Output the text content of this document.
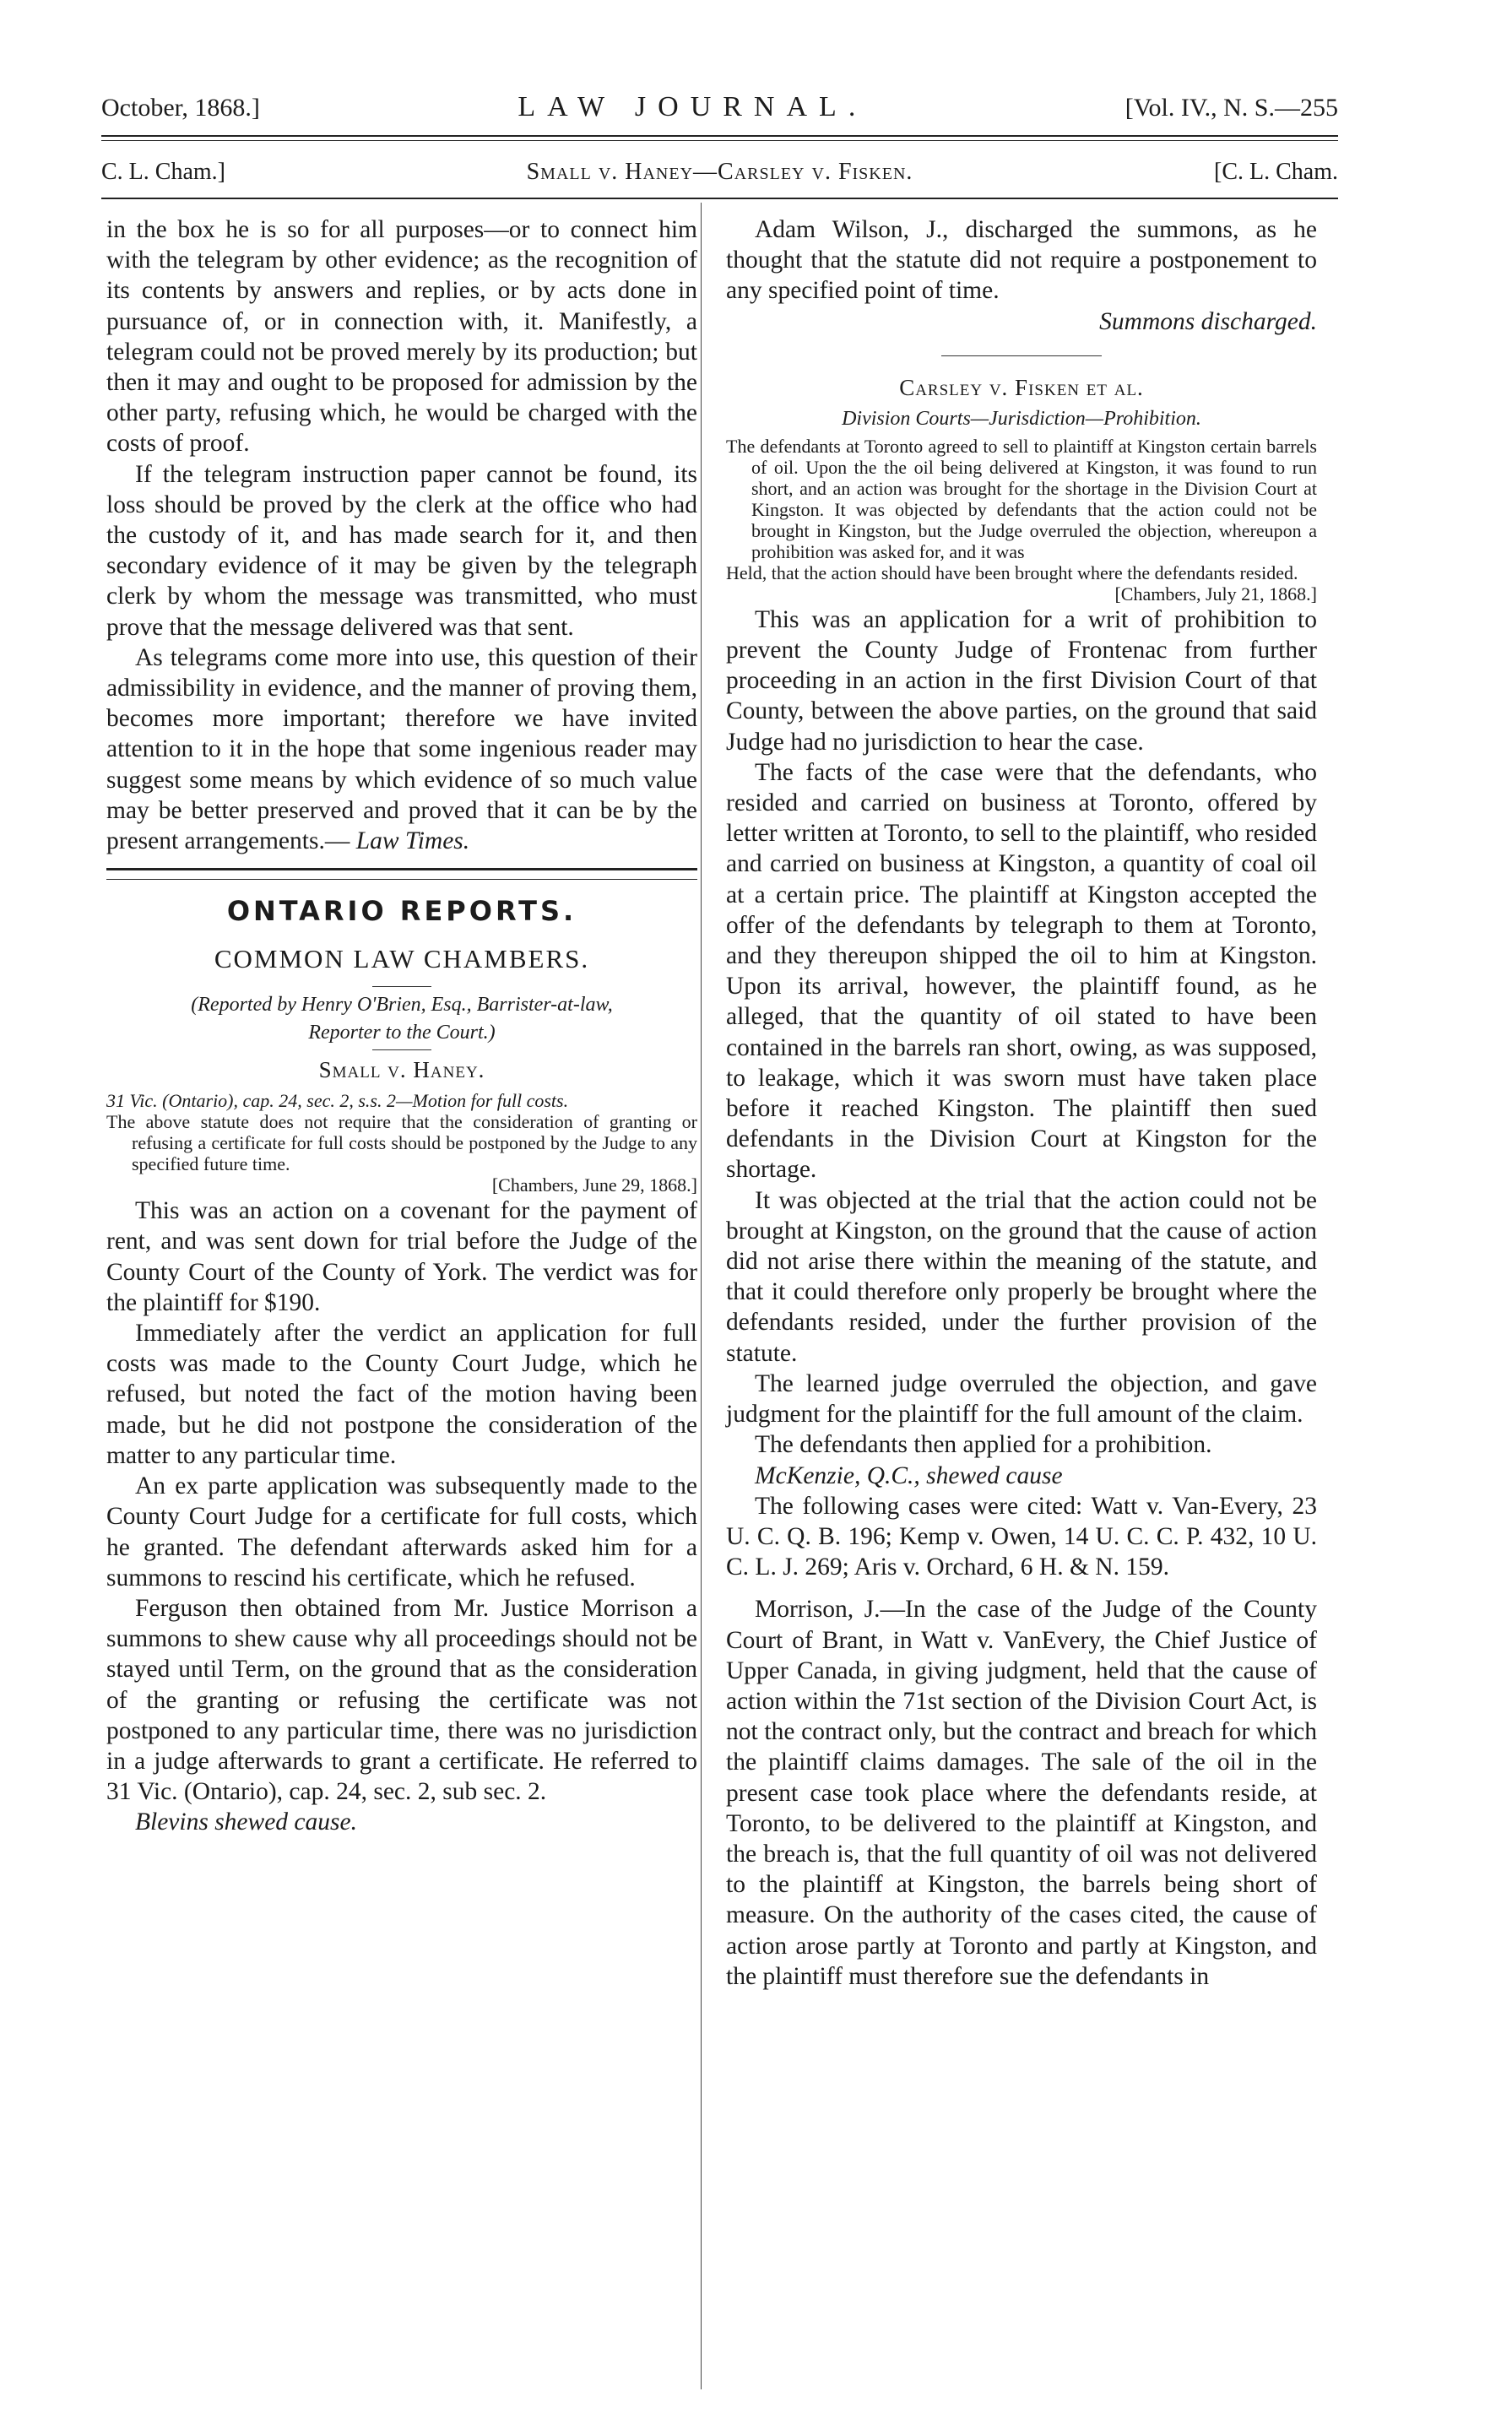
October, 1868.]	LAW JOURNAL.	[Vol. IV., N. S.—255
C. L. Cham.]	Small v. Haney—Carsley v. Fisken.	[C. L. Cham.

in the box he is so for all purposes—or to connect him with the telegram by other evidence; as the recognition of its contents by answers and replies, or by acts done in pursuance of, or in connection with, it. Manifestly, a telegram could not be proved merely by its production; but then it may and ought to be proposed for admission by the other party, refusing which, he would be charged with the costs of proof.

If the telegram instruction paper cannot be found, its loss should be proved by the clerk at the office who had the custody of it, and has made search for it, and then secondary evidence of it may be given by the telegraph clerk by whom the message was transmitted, who must prove that the message delivered was that sent.

As telegrams come more into use, this question of their admissibility in evidence, and the manner of proving them, becomes more important; therefore we have invited attention to it in the hope that some ingenious reader may suggest some means by which evidence of so much value may be better preserved and proved that it can be by the present arrangements.— Law Times.

ONTARIO REPORTS.
COMMON LAW CHAMBERS.
(Reported by Henry O'Brien, Esq., Barrister-at-law,
Reporter to the Court.)
Small v. Haney.

31 Vic. (Ontario), cap. 24, sec. 2, s.s. 2—Motion for full costs.

The above statute does not require that the consideration of granting or refusing a certificate for full costs should be postponed by the Judge to any specified future time.

[Chambers, June 29, 1868.]

This was an action on a covenant for the payment of rent, and was sent down for trial before the Judge of the County Court of the County of York. The verdict was for the plaintiff for $190.

Immediately after the verdict an application for full costs was made to the County Court Judge, which he refused, but noted the fact of the motion having been made, but he did not postpone the consideration of the matter to any particular time.

An ex parte application was subsequently made to the County Court Judge for a certificate for full costs, which he granted. The defendant afterwards asked him for a summons to rescind his certificate, which he refused.

Ferguson then obtained from Mr. Justice Morrison a summons to shew cause why all proceedings should not be stayed until Term, on the ground that as the consideration of the granting or refusing the certificate was not postponed to any particular time, there was no jurisdiction in a judge afterwards to grant a certificate. He referred to 31 Vic. (Ontario), cap. 24, sec. 2, sub sec. 2.

Blevins shewed cause.

Adam Wilson, J., discharged the summons, as he thought that the statute did not require a postponement to any specified point of time.

Summons discharged.

Carsley v. Fisken et al.
Division Courts—Jurisdiction—Prohibition.

The defendants at Toronto agreed to sell to plaintiff at Kingston certain barrels of oil. Upon the the oil being delivered at Kingston, it was found to run short, and an action was brought for the shortage in the Division Court at Kingston. It was objected by defendants that the action could not be brought in Kingston, but the Judge overruled the objection, whereupon a prohibition was asked for, and it was

Held, that the action should have been brought where the defendants resided.

[Chambers, July 21, 1868.]

This was an application for a writ of prohibition to prevent the County Judge of Frontenac from further proceeding in an action in the first Division Court of that County, between the above parties, on the ground that said Judge had no jurisdiction to hear the case.

The facts of the case were that the defendants, who resided and carried on business at Toronto, offered by letter written at Toronto, to sell to the plaintiff, who resided and carried on business at Kingston, a quantity of coal oil at a certain price. The plaintiff at Kingston accepted the offer of the defendants by telegraph to them at Toronto, and they thereupon shipped the oil to him at Kingston. Upon its arrival, however, the plaintiff found, as he alleged, that the quantity of oil stated to have been contained in the barrels ran short, owing, as was supposed, to leakage, which it was sworn must have taken place before it reached Kingston. The plaintiff then sued defendants in the Division Court at Kingston for the shortage.

It was objected at the trial that the action could not be brought at Kingston, on the ground that the cause of action did not arise there within the meaning of the statute, and that it could therefore only properly be brought where the defendants resided, under the further provision of the statute.

The learned judge overruled the objection, and gave judgment for the plaintiff for the full amount of the claim.

The defendants then applied for a prohibition.

McKenzie, Q.C., shewed cause

The following cases were cited: Watt v. Van-Every, 23 U. C. Q. B. 196; Kemp v. Owen, 14 U. C. C. P. 432, 10 U. C. L. J. 269; Aris v. Orchard, 6 H. & N. 159.

Morrison, J.—In the case of the Judge of the County Court of Brant, in Watt v. VanEvery, the Chief Justice of Upper Canada, in giving judgment, held that the cause of action within the 71st section of the Division Court Act, is not the contract only, but the contract and breach for which the plaintiff claims damages. The sale of the oil in the present case took place where the defendants reside, at Toronto, to be delivered to the plaintiff at Kingston, and the breach is, that the full quantity of oil was not delivered to the plaintiff at Kingston, the barrels being short of measure. On the authority of the cases cited, the cause of action arose partly at Toronto and partly at Kingston, and the plaintiff must therefore sue the defendants in
